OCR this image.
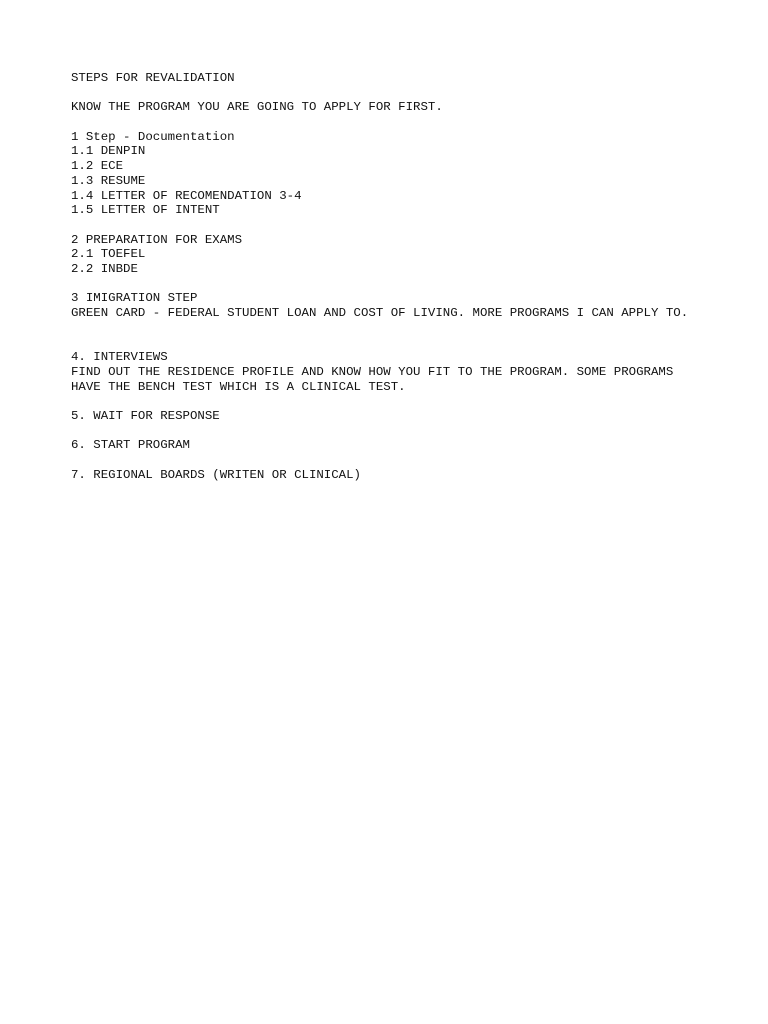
STEPS FOR REVALIDATION
KNOW THE PROGRAM YOU ARE GOING TO APPLY FOR FIRST.
1 Step - Documentation
1.1 DENPIN
1.2 ECE
1.3 RESUME
1.4 LETTER OF RECOMENDATION 3-4
1.5 LETTER OF INTENT
2 PREPARATION FOR EXAMS
2.1 TOEFEL
2.2 INBDE
3 IMIGRATION STEP
GREEN CARD - FEDERAL STUDENT LOAN AND COST OF LIVING. MORE PROGRAMS I CAN APPLY TO.
4. INTERVIEWS
FIND OUT THE RESIDENCE PROFILE AND KNOW HOW YOU FIT TO THE PROGRAM. SOME PROGRAMS
HAVE THE BENCH TEST WHICH IS A CLINICAL TEST.
5. WAIT FOR RESPONSE
6. START PROGRAM
7. REGIONAL BOARDS (WRITEN OR CLINICAL)
